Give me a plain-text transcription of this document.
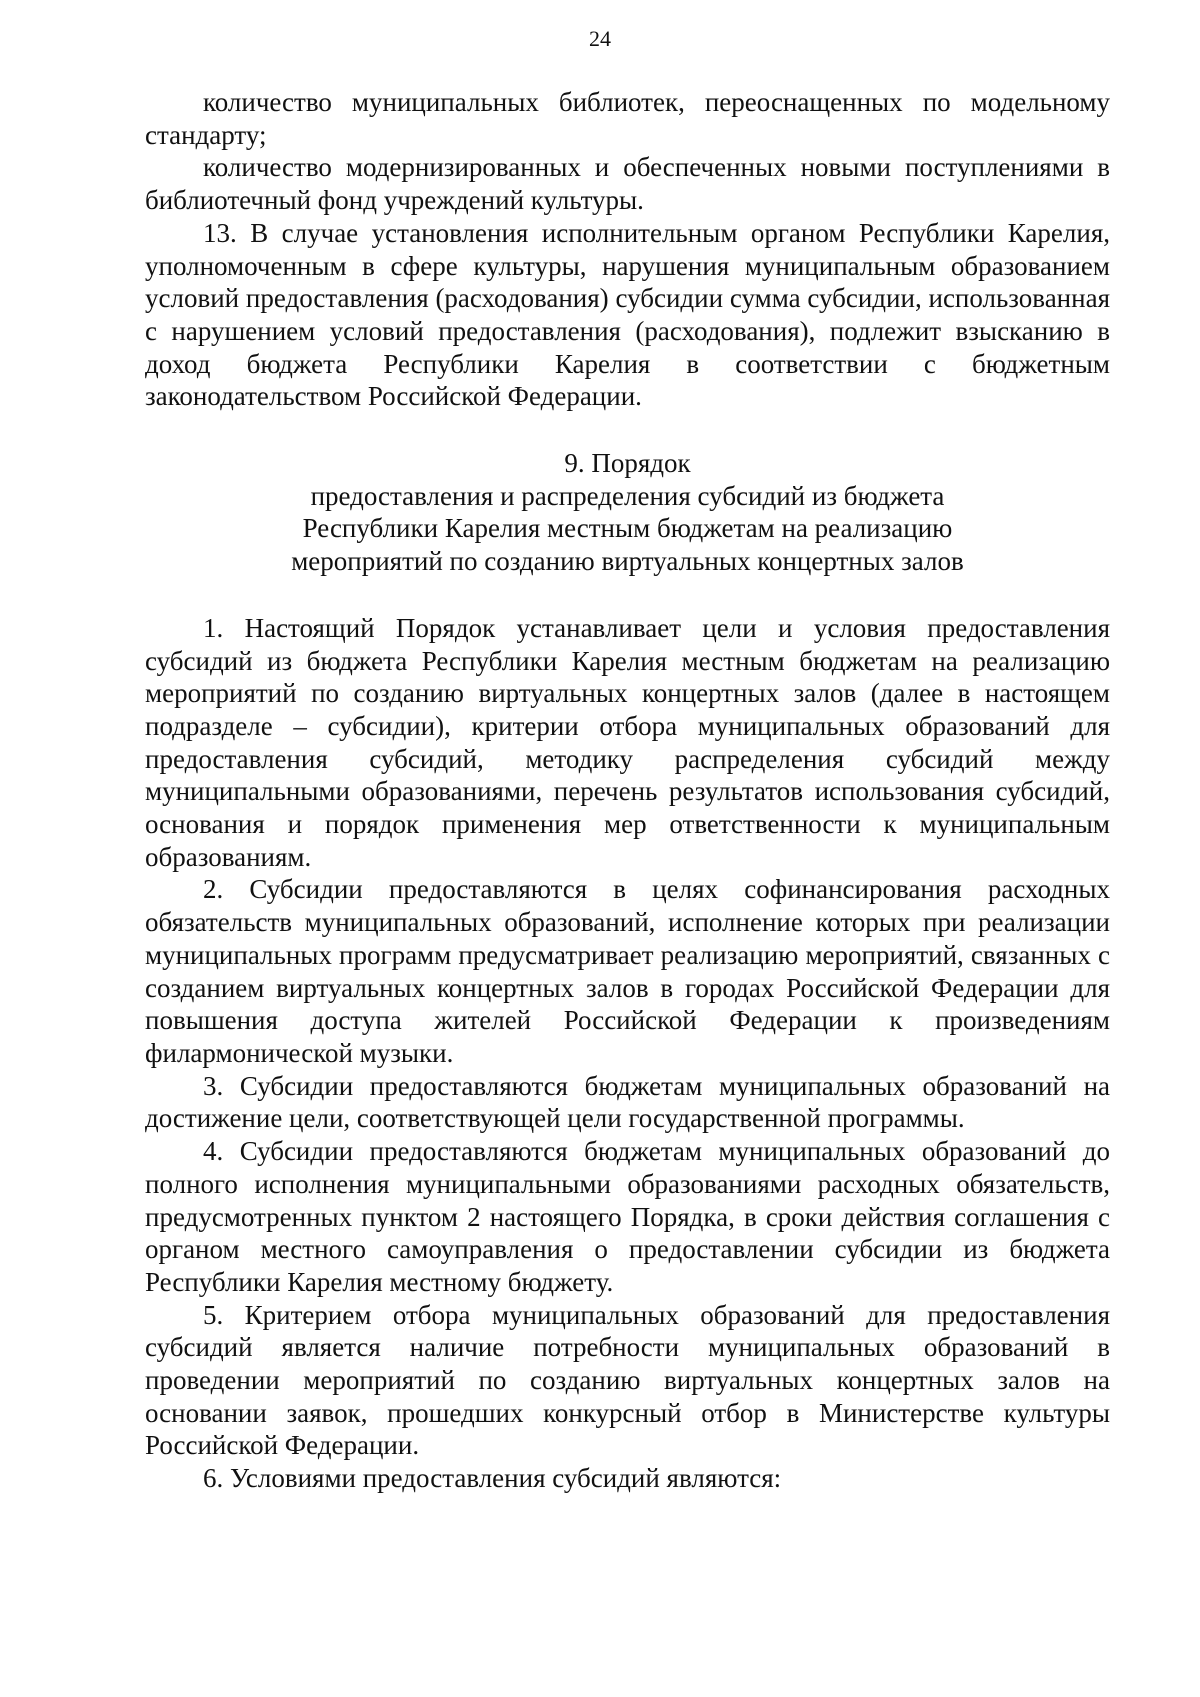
24

количество муниципальных библиотек, переоснащенных по модельному стандарту;

количество модернизированных и обеспеченных новыми поступлениями в библиотечный фонд учреждений культуры.

13. В случае установления исполнительным органом Республики Карелия, уполномоченным в сфере культуры, нарушения муниципальным образованием условий предоставления (расходования) субсидии сумма субсидии, использованная с нарушением условий предоставления (расходования), подлежит взысканию в доход бюджета Республики Карелия в соответствии с бюджетным законодательством Российской Федерации.

9. Порядок
предоставления и распределения субсидий из бюджета
Республики Карелия местным бюджетам на реализацию
мероприятий по созданию виртуальных концертных залов

1. Настоящий Порядок устанавливает цели и условия предоставления субсидий из бюджета Республики Карелия местным бюджетам на реализацию мероприятий по созданию виртуальных концертных залов (далее в настоящем подразделе – субсидии), критерии отбора муниципальных образований для предоставления субсидий, методику распределения субсидий между муниципальными образованиями, перечень результатов использования субсидий, основания и порядок применения мер ответственности к муниципальным образованиям.

2. Субсидии предоставляются в целях софинансирования расходных обязательств муниципальных образований, исполнение которых при реализации муниципальных программ предусматривает реализацию мероприятий, связанных с созданием виртуальных концертных залов в городах Российской Федерации для повышения доступа жителей Российской Федерации к произведениям филармонической музыки.

3. Субсидии предоставляются бюджетам муниципальных образований на достижение цели, соответствующей цели государственной программы.

4. Субсидии предоставляются бюджетам муниципальных образований до полного исполнения муниципальными образованиями расходных обязательств, предусмотренных пунктом 2 настоящего Порядка, в сроки действия соглашения с органом местного самоуправления о предоставлении субсидии из бюджета Республики Карелия местному бюджету.

5. Критерием отбора муниципальных образований для предоставления субсидий является наличие потребности муниципальных образований в проведении мероприятий по созданию виртуальных концертных залов на основании заявок, прошедших конкурсный отбор в Министерстве культуры Российской Федерации.

6. Условиями предоставления субсидий являются:
